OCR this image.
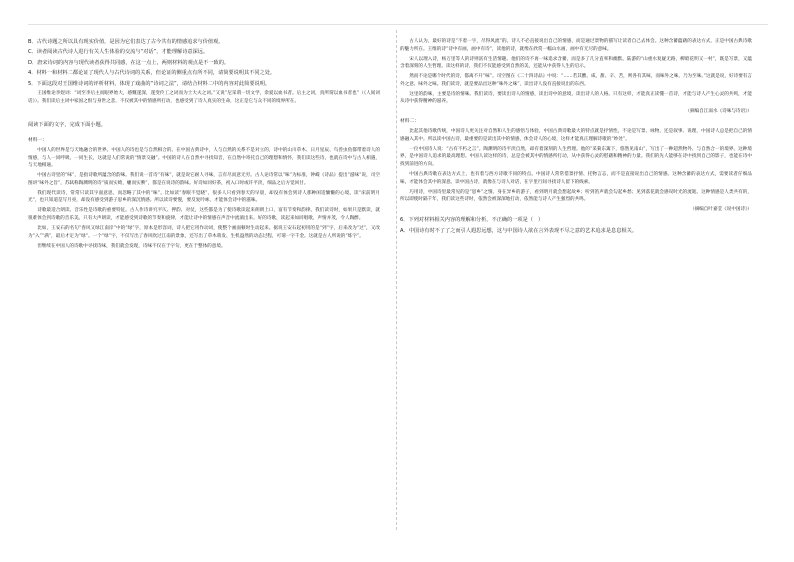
B．古代诗题之所以具有现实价值，是因为它们表达了古今共有的情感追求与价值观。

C．读者阅读古代诗人进行有关人生体验的交流与“对话”，才能理解诗意深远。

D．唐宋诗词的内容与现代读者获得共同感，在这一点上，两则材料的观点是不一致的。

4．材料一和材料二都论证了现代人与古代诗词的关系，但论证的侧重点有所不同，请简要说明其不同之处。

5．下面这段对王国维诗词的评析材料，体现了戏曲的“诗词之法”，请结合材料二中的内容对此简要说明。

王国维论李煜词：“词至李后主而眼界始大，感慨遂深，遂变伶工之词而为士大夫之词。”又说“尼采谓一切文学，余爱以血书者。后主之词，真所谓以血书者也”（《人间词话》）。我们读后主词中家国之恨与身世之悲，不仅被其中的情感所打动，也感受到了诗人真实的生命，这正是它与众不同的境界所在。

阅读下面的文字，完成下面小题。

材料一：

中国人的世界是与天地融合的世界。中国人的诗也是与自然相合的。在中国古典诗中，人与自然的关系不是对立的，诗中的山川草木、日月星辰、鸟兽虫鱼都带着诗人的情感，与人一同呼吸、一同生长，这就是人们常说的“情景交融”。中国的诗人在自然中寻找知音，在自然中寄托自己的理想和情怀，我们读这些诗，也就在诗中与古人相遇，与天地相通。

中国古诗里的“味”，是指诗歌所蕴含的韵味。我们说一首诗“有味”，就是说它耐人寻味，言有尽而意无穷。古人论诗常以“味”为标准，钟嵘《诗品》提出“滋味”说，司空图讲“味外之旨”，苏轼称陶渊明的诗“质而实绮，癯而实腴”，都是在说诗的韵味。好诗如同好茶，初入口时或许平淡，细品之后方觉回甘。

我们现代读诗，常常只读其字面意思，而忽略了其中的“味”。比如读“春眠不觉晓”，很多人只看到春天的早晨，却没有体会到诗人那种闲适慵懒的心境。读“床前明月光”，也只知道是写月亮，却没有感受到游子思乡的深沉情感。所以读诗要慢，要反复吟咏，才能体会诗中的滋味。

诗歌最适合朗读。音乐性是诗歌的重要特征。古人作诗讲究平仄、押韵、对仗，这些都是为了使诗歌读起来朗朗上口，富有节奏和韵律。我们读诗时，如果只是默读，就很难体会到诗歌的音乐美。只有大声朗读，才能感受到诗歌的节奏和旋律，才能让诗中的情感在声音中流淌出来。好的诗歌，读起来如同唱歌，声情并茂，令人陶醉。

比如，王安石的名句“春风又绿江南岸”中的“绿”字，原本是形容词，诗人把它用作动词，使整个画面顿时生动起来。据说王安石起初用的是“到”字，后来改为“过”，又改为“入”“满”，最后才定为“绿”。一个“绿”字，不仅写出了春风吹过江南的景象，还写出了草木萌发、生机盎然的动态过程，可谓一字千金。这就是古人所说的“炼字”。

但继续在中国人的诗歌中寻找诗味，我们就会发现，诗味不仅在于字句，更在于整体的意境。

古人认为，最好的诗是“不着一字，尽得风流”的。诗人不必直接说出自己的情感，而是通过景物的描写让读者自己去体会。这种含蓄蕴藉的表达方式，正是中国古典诗歌的魅力所在。王维的诗“诗中有画，画中有诗”，读他的诗，就像在欣赏一幅山水画，画中有无尽的意味。

宋人以理入诗，杨万里等人的诗则富有生活情趣。他们的诗不再一味追求含蓄，而是多了几分直率和幽默。陆游的“山重水复疑无路，柳暗花明又一村”，既是写景，又蕴含着深刻的人生哲理。读这样的诗，我们不仅能感受到自然的美，还能从中获得人生的启示。

然而不论是哪个时代的诗，都离不开“味”。司空图在《二十四诗品》中说：“……若其酸、咸、甜、辛、苦，则各有其味，而味外之味，乃为至味。”这就是说，好诗要有言外之意、味外之味。我们读诗，就是要品出这种“味外之味”，读出诗人没有直接说出的东西。

这里的韵味，主要是诗的情味。我们读诗，要读出诗人的情感，读出诗中的意境，读出诗人的人格。只有这样，才能真正读懂一首诗，才能与诗人产生心灵的共鸣，才能从诗中获得精神的滋养。

（摘编自江弱水《诗味与诗语》）

材料二：

比起其他诗歌传统，中国诗人更关注对自然和人生的感悟与体验，中国古典诗歌最大的特点就是抒情性。不论是写景、咏物，还是叙事、说理，中国诗人总是把自己的情感融入其中。所以读中国古诗，最重要的是读出其中的情感，体会诗人的心境，这样才能真正理解诗歌的“妙处”。

一位中国诗人说：“古有不朽之言”。陶渊明的诗平淡自然，却有着深刻的人生哲理。他的“采菊东篱下，悠然见南山”，写出了一种超然物外、与自然合一的境界。这种境界，是中国诗人追求的最高理想。中国人读这样的诗，总是会被其中的情感所打动，从中获得心灵的慰藉和精神的力量。我们的先人能够在诗中找到自己的影子，也能在诗中找到前进的方向。

中国古典诗歌在表达方式上，也有着与西方诗歌不同的特点。中国诗人常常借景抒情、托物言志，而不是直接说出自己的情感。这种含蓄的表达方式，需要读者仔细品味，才能体会其中的深意。读中国古诗，就像在与诗人对话，在字里行间寻找诗人留下的线索。

巧用诗，中国诗里最常见的是“思乡”之情。身在异乡的游子，看到明月就会想起故乡；听到笛声就会勾起乡愁；见到落花就会感叹时光的流逝。这种情感是人类共有的，所以即使时隔千年，我们读这些诗时，依然会被深深地打动，依然能与诗人产生强烈的共鸣。

（摘编自叶嘉莹《说中国诗》）

6．下列对材料相关内容的理解和分析，不正确的一项是（　）

A．中国诗有时不了了之而引人遐思远想，这与中国诗人欲在言外表现不尽之意的艺术追求是息息相关。
